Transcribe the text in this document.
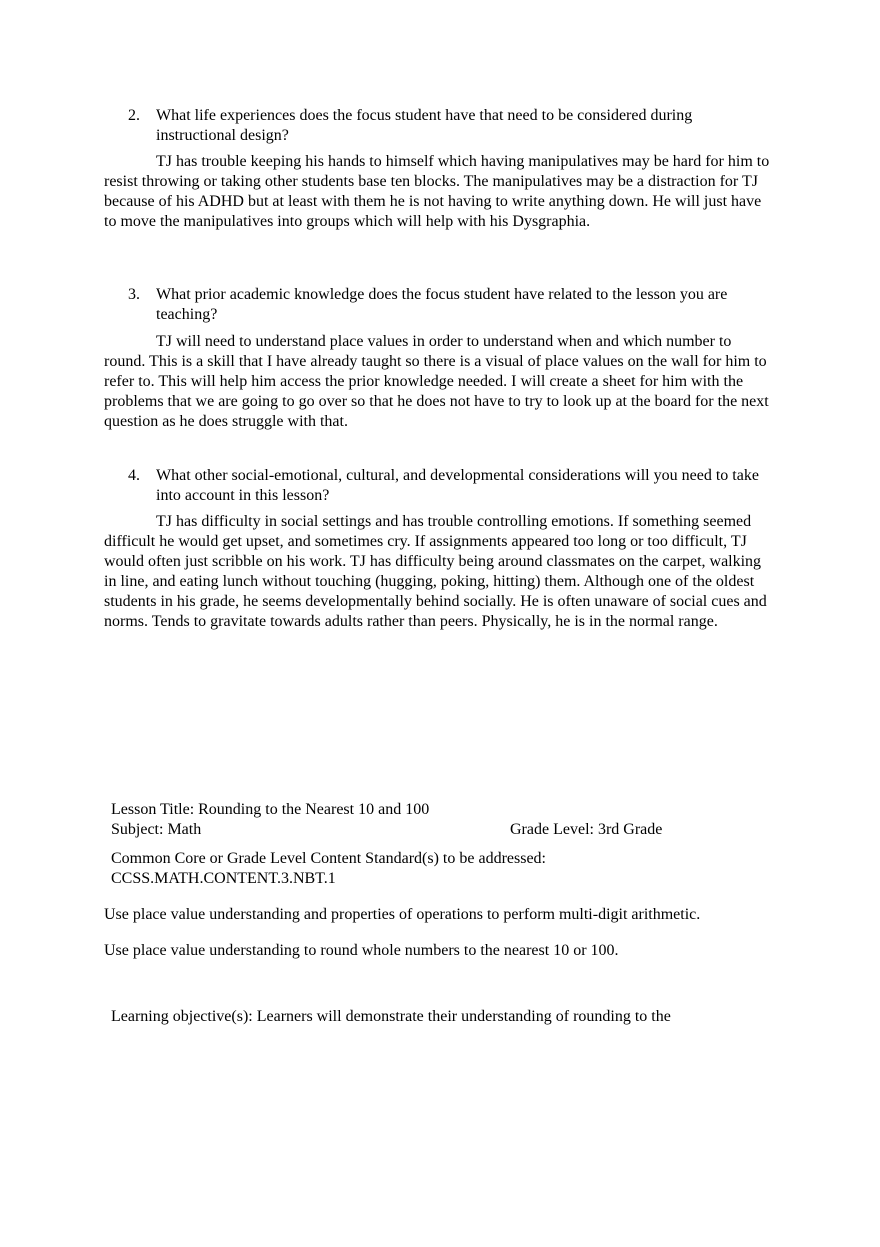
2. What life experiences does the focus student have that need to be considered during instructional design?
TJ has trouble keeping his hands to himself which having manipulatives may be hard for him to resist throwing or taking other students base ten blocks. The manipulatives may be a distraction for TJ because of his ADHD but at least with them he is not having to write anything down. He will just have to move the manipulatives into groups which will help with his Dysgraphia.
3. What prior academic knowledge does the focus student have related to the lesson you are teaching?
TJ will need to understand place values in order to understand when and which number to round. This is a skill that I have already taught so there is a visual of place values on the wall for him to refer to. This will help him access the prior knowledge needed. I will create a sheet for him with the problems that we are going to go over so that he does not have to try to look up at the board for the next question as he does struggle with that.
4. What other social-emotional, cultural, and developmental considerations will you need to take into account in this lesson?
TJ has difficulty in social settings and has trouble controlling emotions. If something seemed difficult he would get upset, and sometimes cry. If assignments appeared too long or too difficult, TJ would often just scribble on his work. TJ has difficulty being around classmates on the carpet, walking in line, and eating lunch without touching (hugging, poking, hitting) them. Although one of the oldest students in his grade, he seems developmentally behind socially. He is often unaware of social cues and norms. Tends to gravitate towards adults rather than peers. Physically, he is in the normal range.
Lesson Title: Rounding to the Nearest 10 and 100
Subject: Math	Grade Level: 3rd Grade
Common Core or Grade Level Content Standard(s) to be addressed:
CCSS.MATH.CONTENT.3.NBT.1
Use place value understanding and properties of operations to perform multi-digit arithmetic.
Use place value understanding to round whole numbers to the nearest 10 or 100.
Learning objective(s): Learners will demonstrate their understanding of rounding to the
